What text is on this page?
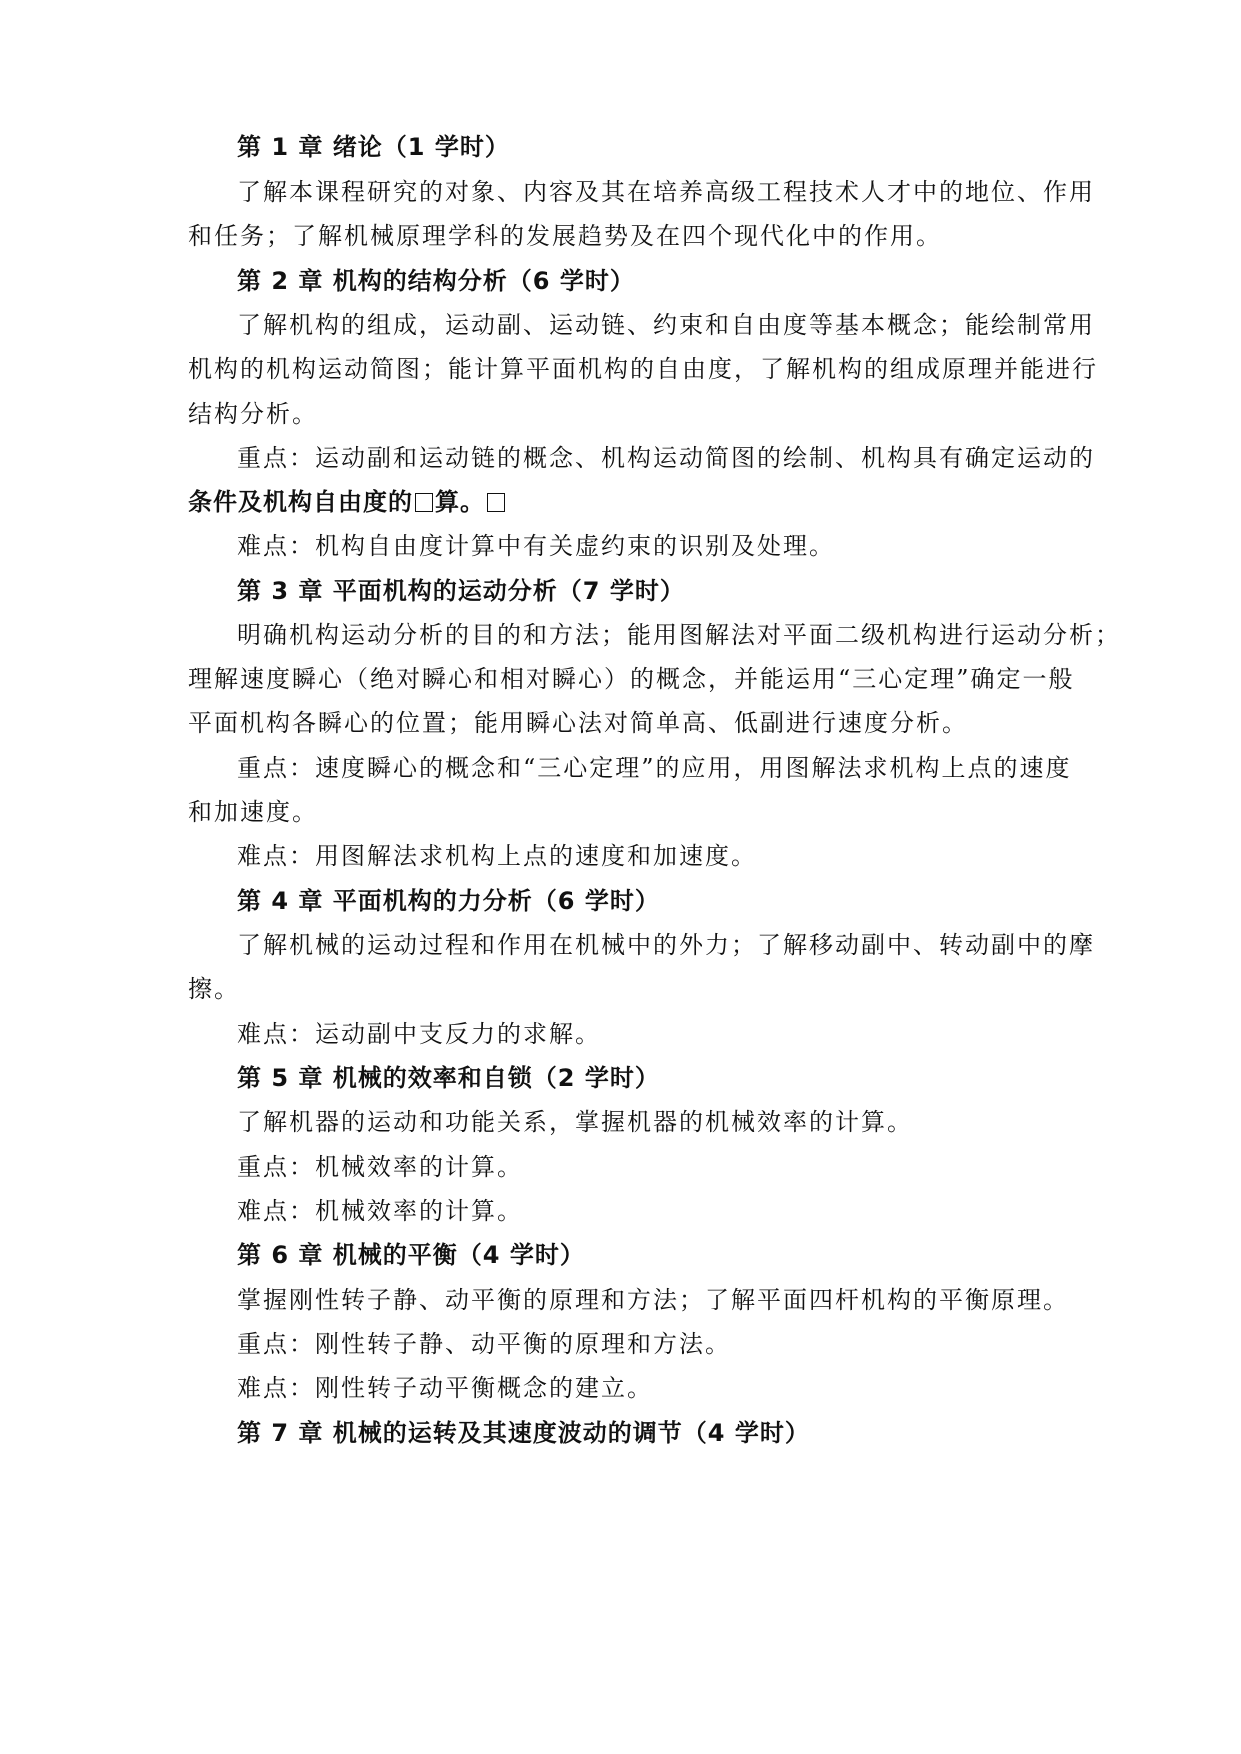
第 1 章 绪论（1 学时）
了解本课程研究的对象、内容及其在培养高级工程技术人才中的地位、作用
和任务；了解机械原理学科的发展趋势及在四个现代化中的作用。
第 2 章 机构的结构分析（6 学时）
了解机构的组成，运动副、运动链、约束和自由度等基本概念；能绘制常用
机构的机构运动简图；能计算平面机构的自由度，了解机构的组成原理并能进行
结构分析。
重点：运动副和运动链的概念、机构运动简图的绘制、机构具有确定运动的
条件及机构自由度的 算。
难点：机构自由度计算中有关虚约束的识别及处理。
第 3 章 平面机构的运动分析（7 学时）
明确机构运动分析的目的和方法；能用图解法对平面二级机构进行运动分析；
理解速度瞬心（绝对瞬心和相对瞬心）的概念，并能运用“三心定理”确定一般
平面机构各瞬心的位置；能用瞬心法对简单高、低副进行速度分析。
重点：速度瞬心的概念和“三心定理”的应用，用图解法求机构上点的速度
和加速度。
难点：用图解法求机构上点的速度和加速度。
第 4 章 平面机构的力分析（6 学时）
了解机械的运动过程和作用在机械中的外力；了解移动副中、转动副中的摩
擦。
难点：运动副中支反力的求解。
第 5 章 机械的效率和自锁（2 学时）
了解机器的运动和功能关系，掌握机器的机械效率的计算。
重点：机械效率的计算。
难点：机械效率的计算。
第 6 章 机械的平衡（4 学时）
掌握刚性转子静、动平衡的原理和方法；了解平面四杆机构的平衡原理。
重点：刚性转子静、动平衡的原理和方法。
难点：刚性转子动平衡概念的建立。
第 7 章 机械的运转及其速度波动的调节（4 学时）
